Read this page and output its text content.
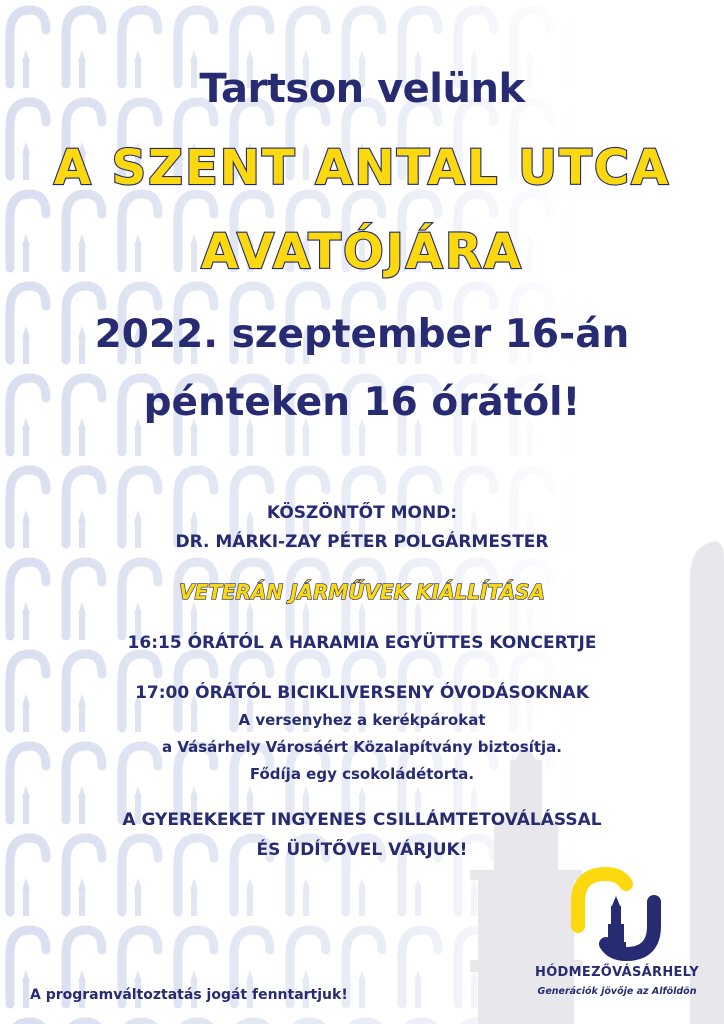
Tartson velünk

A SZENT ANTAL UTCA

AVATÓJÁRA

2022. szeptember 16-án

pénteken 16 órától!

KÖSZÖNTŐT MOND:

DR. MÁRKI-ZAY PÉTER POLGÁRMESTER

VETERÁN JÁRMŰVEK KIÁLLÍTÁSA

16:15 ÓRÁTÓL A HARAMIA EGYÜTTES KONCERTJE

17:00 ÓRÁTÓL BICIKLIVERSENY ÓVODÁSOKNAK

A versenyhez a kerékpárokat

a Vásárhely Városáért Közalapítvány biztosítja.

Fődíja egy csokoládétorta.

A GYEREKEKET INGYENES CSILLÁMTETOVÁLÁSSAL

ÉS ÜDÍTŐVEL VÁRJUK!

A programváltoztatás jogát fenntartjuk!

HÓDMEZŐVÁSÁRHELY

Generációk jövője az Alföldön
